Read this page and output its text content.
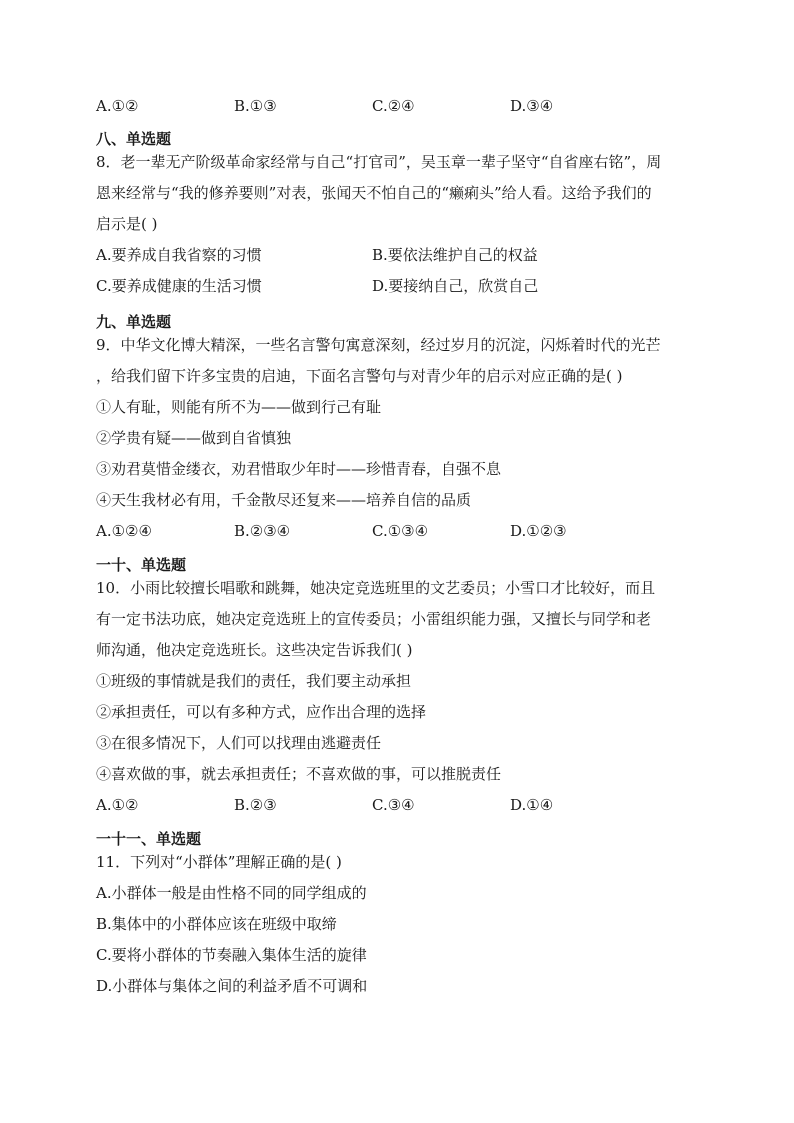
A.①②	B.①③	C.②④	D.③④
八、单选题
8．老一辈无产阶级革命家经常与自己“打官司”，吴玉章一辈子坚守“自省座右铭”，周
恩来经常与“我的修养要则”对表，张闻天不怕自己的“癞痢头”给人看。这给予我们的
启示是( )
A.要养成自我省察的习惯	B.要依法维护自己的权益
C.要养成健康的生活习惯	D.要接纳自己，欣赏自己
九、单选题
9．中华文化博大精深，一些名言警句寓意深刻，经过岁月的沉淀，闪烁着时代的光芒
，给我们留下许多宝贵的启迪，下面名言警句与对青少年的启示对应正确的是( )
①人有耻，则能有所不为——做到行己有耻
②学贵有疑——做到自省慎独
③劝君莫惜金缕衣，劝君惜取少年时——珍惜青春，自强不息
④天生我材必有用，千金散尽还复来——培养自信的品质
A.①②④	B.②③④	C.①③④	D.①②③
一十、单选题
10．小雨比较擅长唱歌和跳舞，她决定竞选班里的文艺委员；小雪口才比较好，而且
有一定书法功底，她决定竞选班上的宣传委员；小雷组织能力强，又擅长与同学和老
师沟通，他决定竞选班长。这些决定告诉我们( )
①班级的事情就是我们的责任，我们要主动承担
②承担责任，可以有多种方式，应作出合理的选择
③在很多情况下，人们可以找理由逃避责任
④喜欢做的事，就去承担责任；不喜欢做的事，可以推脱责任
A.①②	B.②③	C.③④	D.①④
一十一、单选题
11．下列对“小群体”理解正确的是( )
A.小群体一般是由性格不同的同学组成的
B.集体中的小群体应该在班级中取缔
C.要将小群体的节奏融入集体生活的旋律
D.小群体与集体之间的利益矛盾不可调和
